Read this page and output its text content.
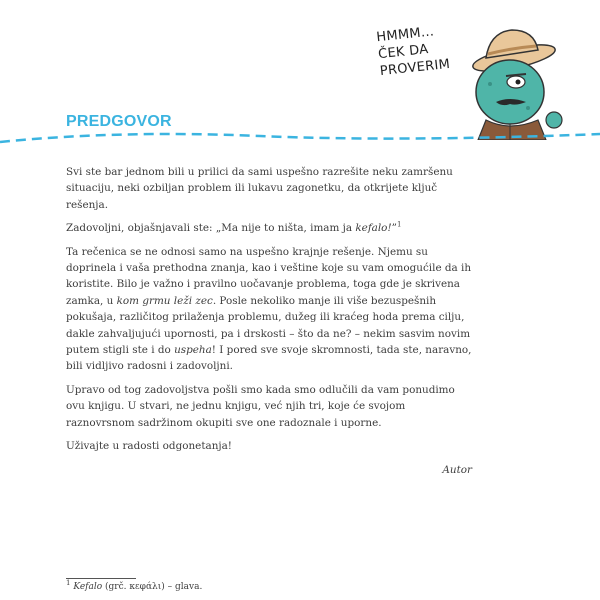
HMMM...
ČEK DA
PROVERIM
PREDGOVOR

Svi ste bar jednom bili u prilici da sami uspešno razrešite neku zamršenu situaciju, neki ozbiljan problem ili lukavu zagonetku, da otkrijete ključ rešenja.

Zadovoljni, objašnjavali ste: „Ma nije to ništa, imam ja kefalo!”$^1$

Ta rečenica se ne odnosi samo na uspešno krajnje rešenje. Njemu su doprinela i vaša prethodna znanja, kao i veštine koje su vam omogućile da ih koristite. Bilo je važno i pravilno uočavanje problema, toga gde je skrivena zamka, u kom grmu leži zec. Posle nekoliko manje ili više bezuspešnih pokušaja, različitog prilaženja problemu, dužeg ili kraćeg hoda prema cilju, dakle zahvaljujući upornosti, pa i drskosti – što da ne? – nekim sasvim novim putem stigli ste i do uspeha! I pored sve svoje skromnosti, tada ste, naravno, bili vidljivo radosni i zadovoljni.

Upravo od tog zadovoljstva pošli smo kada smo odlučili da vam ponudimo ovu knjigu. U stvari, ne jednu knjigu, već njih tri, koje će svojom raznovrsnom sadržinom okupiti sve one radoznale i uporne.

Uživajte u radosti odgonetanja!

Autor
$^1$ Kefalo (grč. κεφάλι) – glava.
